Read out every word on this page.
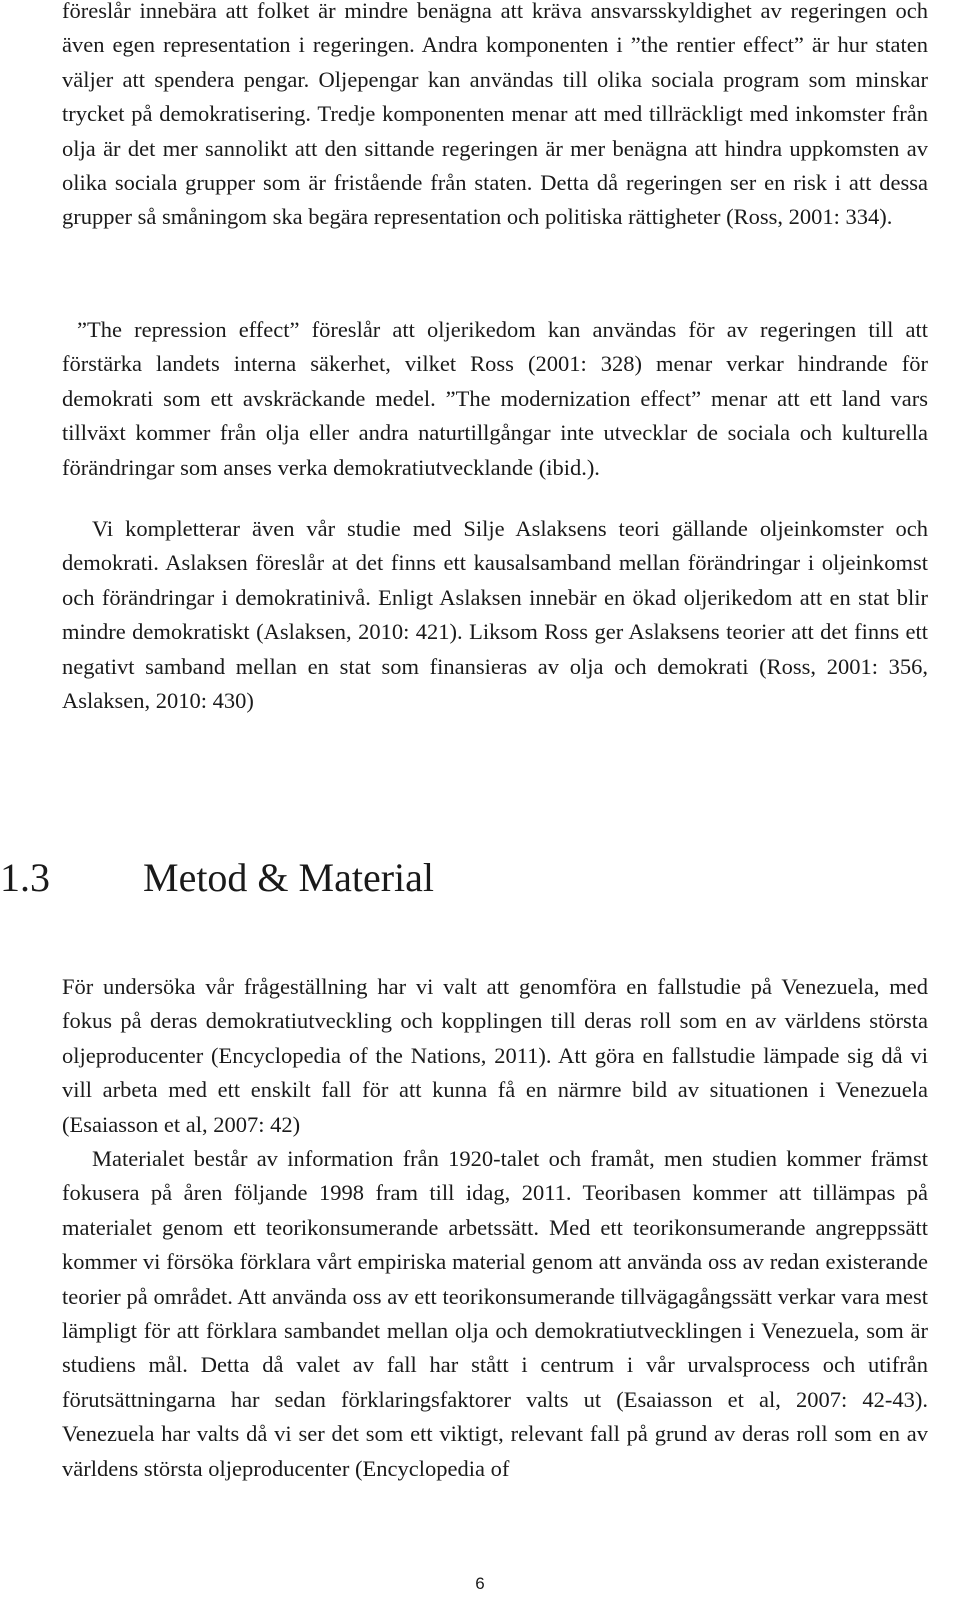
föreslår innebära att folket är mindre benägna att kräva ansvarsskyldighet av regeringen och även egen representation i regeringen. Andra komponenten i ”the rentier effect” är hur staten väljer att spendera pengar. Oljepengar kan användas till olika sociala program som minskar trycket på demokratisering. Tredje komponenten menar att med tillräckligt med inkomster från olja är det mer sannolikt att den sittande regeringen är mer benägna att hindra uppkomsten av olika sociala grupper som är fristående från staten. Detta då regeringen ser en risk i att dessa grupper så småningom ska begära representation och politiska rättigheter (Ross, 2001: 334).

”The repression effect” föreslår att oljerikedom kan användas för av regeringen till att förstärka landets interna säkerhet, vilket Ross (2001: 328) menar verkar hindrande för demokrati som ett avskräckande medel. ”The modernization effect” menar att ett land vars tillväxt kommer från olja eller andra naturtillgångar inte utvecklar de sociala och kulturella förändringar som anses verka demokratiutvecklande (ibid.).

Vi kompletterar även vår studie med Silje Aslaksens teori gällande oljeinkomster och demokrati. Aslaksen föreslår at det finns ett kausalsamband mellan förändringar i oljeinkomst och förändringar i demokratinivå. Enligt Aslaksen innebär en ökad oljerikedom att en stat blir mindre demokratiskt (Aslaksen, 2010: 421). Liksom Ross ger Aslaksens teorier att det finns ett negativt samband mellan en stat som finansieras av olja och demokrati (Ross, 2001: 356, Aslaksen, 2010: 430)

1.3 Metod & Material

För undersöka vår frågeställning har vi valt att genomföra en fallstudie på Venezuela, med fokus på deras demokratiutveckling och kopplingen till deras roll som en av världens största oljeproducenter (Encyclopedia of the Nations, 2011). Att göra en fallstudie lämpade sig då vi vill arbeta med ett enskilt fall för att kunna få en närmre bild av situationen i Venezuela (Esaiasson et al, 2007: 42)

Materialet består av information från 1920-talet och framåt, men studien kommer främst fokusera på åren följande 1998 fram till idag, 2011. Teoribasen kommer att tillämpas på materialet genom ett teorikonsumerande arbetssätt. Med ett teorikonsumerande angreppssätt kommer vi försöka förklara vårt empiriska material genom att använda oss av redan existerande teorier på området. Att använda oss av ett teorikonsumerande tillvägagångssätt verkar vara mest lämpligt för att förklara sambandet mellan olja och demokratiutvecklingen i Venezuela, som är studiens mål. Detta då valet av fall har stått i centrum i vår urvalsprocess och utifrån förutsättningarna har sedan förklaringsfaktorer valts ut (Esaiasson et al, 2007: 42-43). Venezuela har valts då vi ser det som ett viktigt, relevant fall på grund av deras roll som en av världens största oljeproducenter (Encyclopedia of

6
